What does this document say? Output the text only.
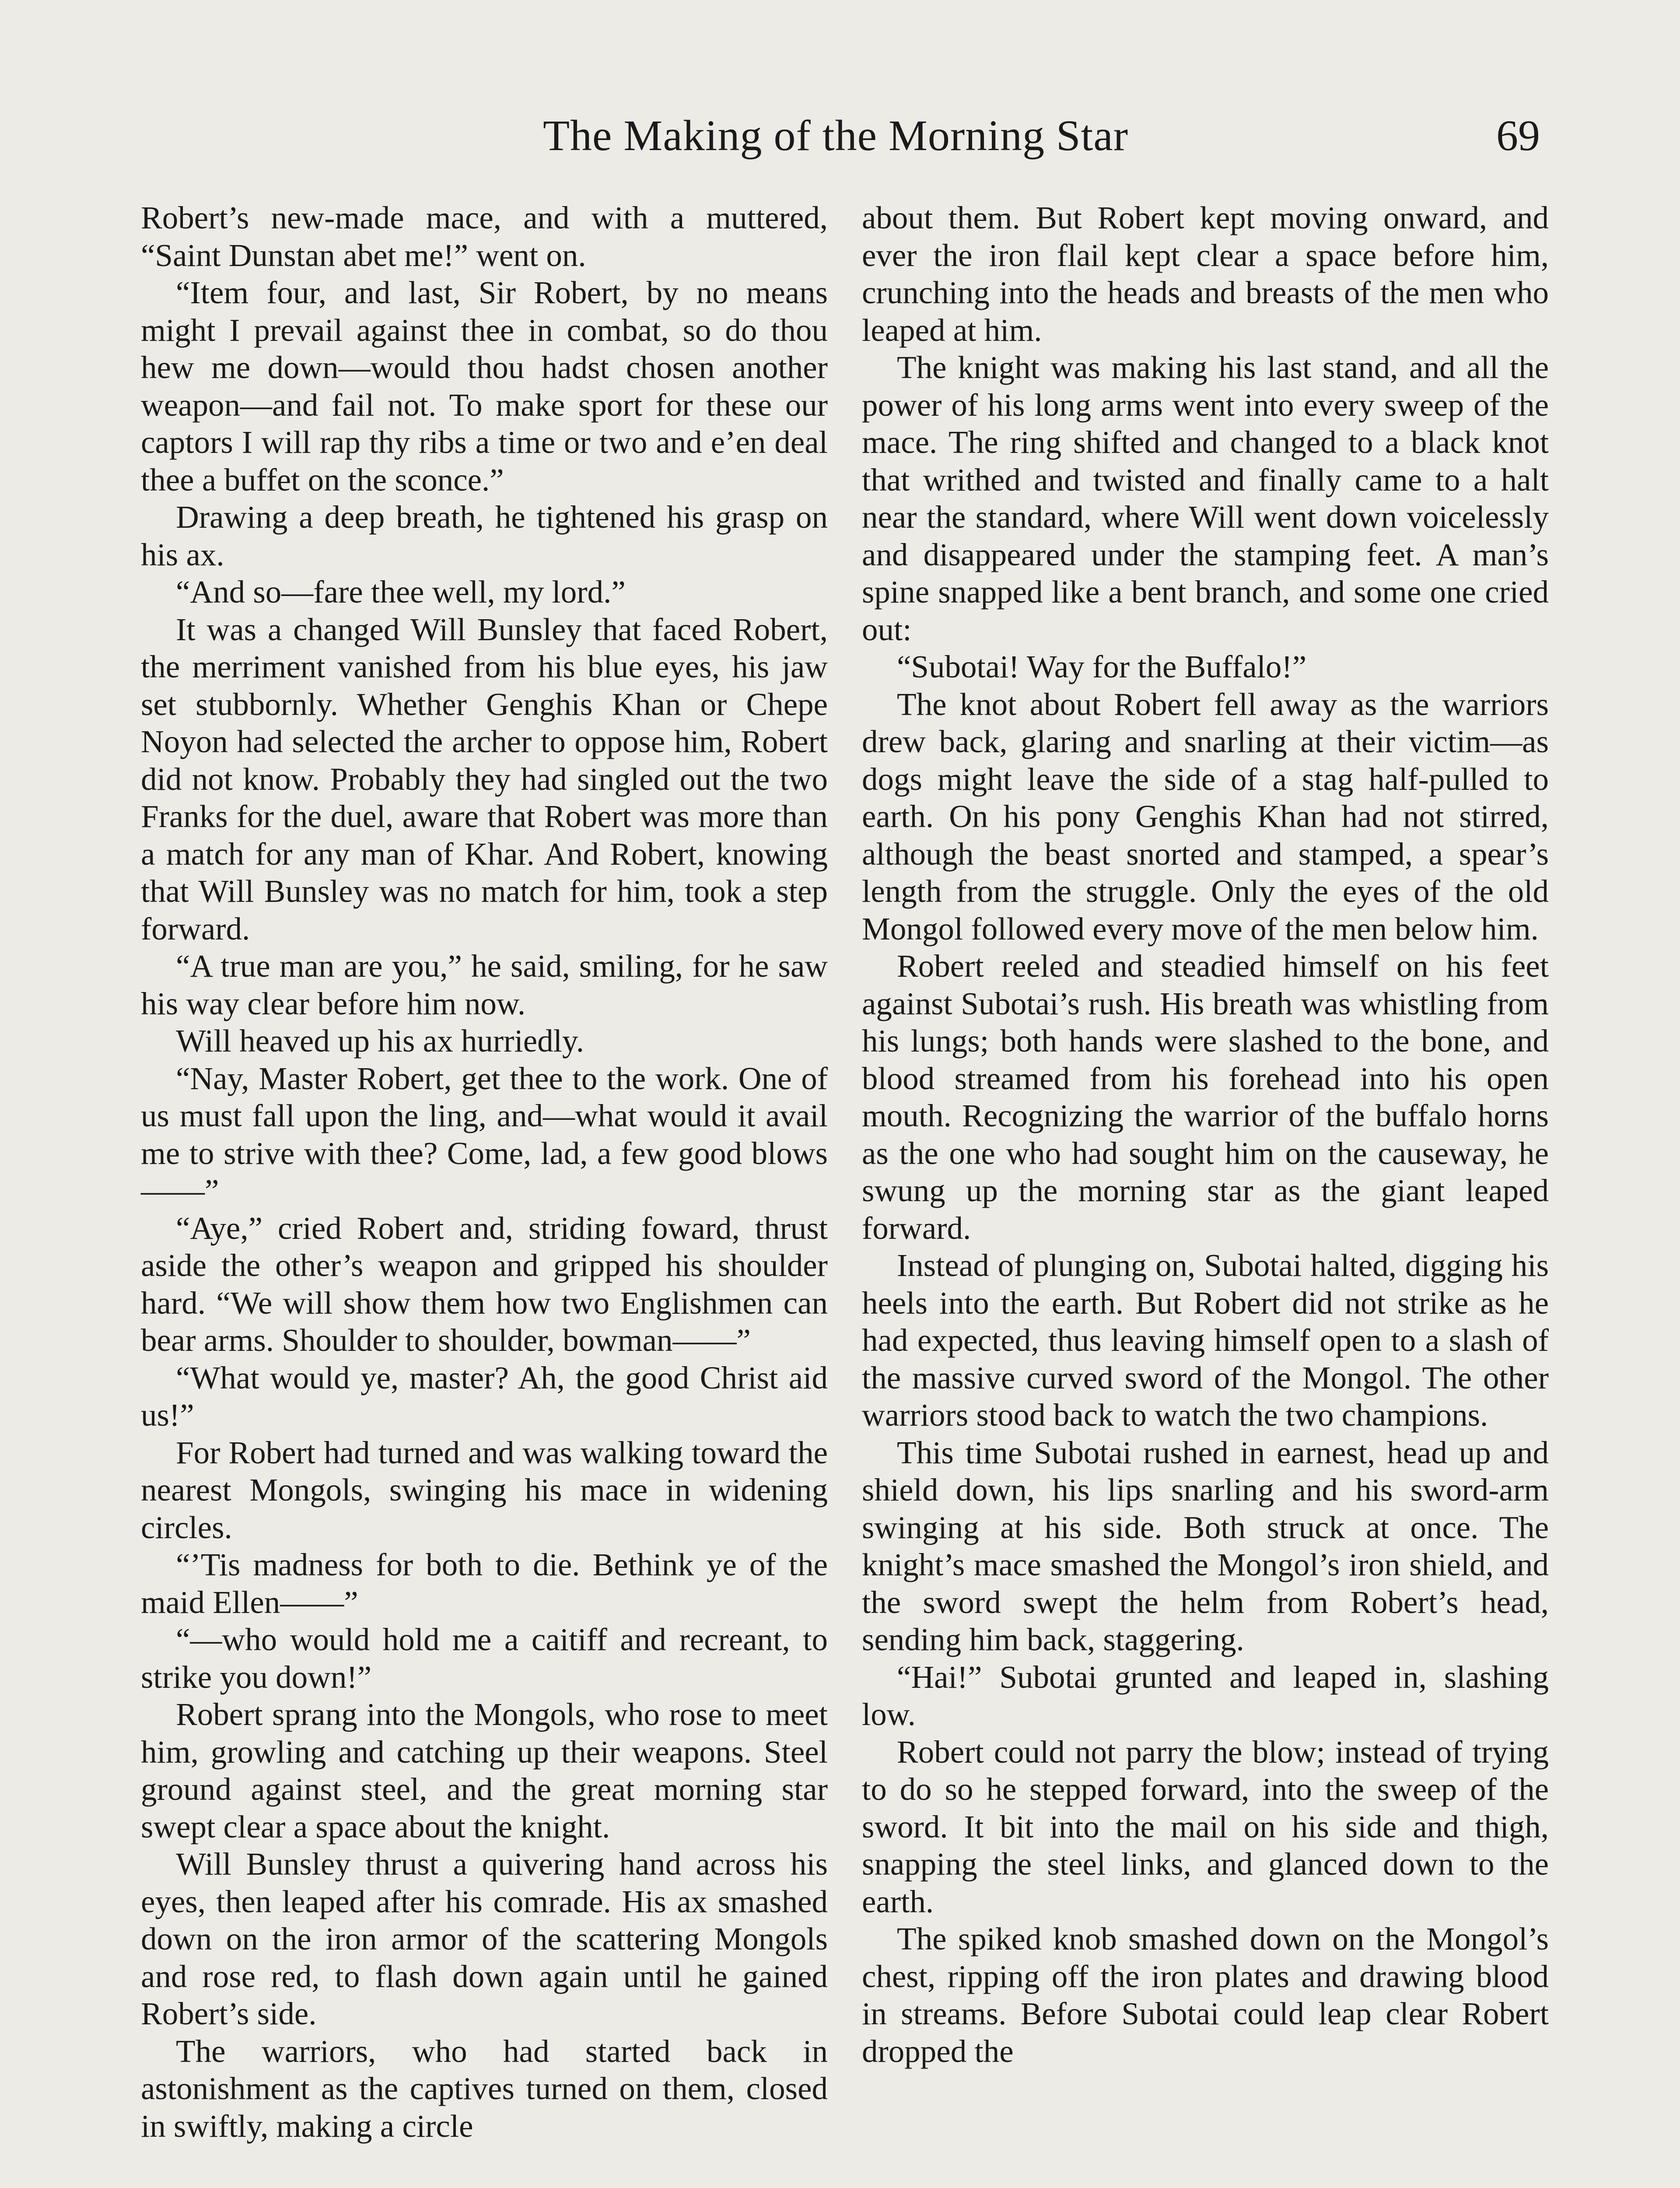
The Making of the Morning Star	69

Robert’s new-made mace, and with a muttered, “Saint Dunstan abet me!” went on.

“Item four, and last, Sir Robert, by no means might I prevail against thee in combat, so do thou hew me down—would thou hadst chosen another weapon—and fail not. To make sport for these our captors I will rap thy ribs a time or two and e’en deal thee a buffet on the sconce.”

Drawing a deep breath, he tightened his grasp on his ax.

“And so—fare thee well, my lord.”

It was a changed Will Bunsley that faced Robert, the merriment vanished from his blue eyes, his jaw set stubbornly. Whether Genghis Khan or Chepe Noyon had selected the archer to oppose him, Robert did not know. Probably they had singled out the two Franks for the duel, aware that Robert was more than a match for any man of Khar. And Robert, knowing that Will Bunsley was no match for him, took a step forward.

“A true man are you,” he said, smiling, for he saw his way clear before him now.

Will heaved up his ax hurriedly.

“Nay, Master Robert, get thee to the work. One of us must fall upon the ling, and—what would it avail me to strive with thee? Come, lad, a few good blows——”

“Aye,” cried Robert and, striding foward, thrust aside the other’s weapon and gripped his shoulder hard. “We will show them how two Englishmen can bear arms. Shoulder to shoulder, bowman——”

“What would ye, master? Ah, the good Christ aid us!”

For Robert had turned and was walking toward the nearest Mongols, swinging his mace in widening circles.

“’Tis madness for both to die. Bethink ye of the maid Ellen——”

“—who would hold me a caitiff and recreant, to strike you down!”

Robert sprang into the Mongols, who rose to meet him, growling and catching up their weapons. Steel ground against steel, and the great morning star swept clear a space about the knight.

Will Bunsley thrust a quivering hand across his eyes, then leaped after his comrade. His ax smashed down on the iron armor of the scattering Mongols and rose red, to flash down again until he gained Robert’s side.

The warriors, who had started back in astonishment as the captives turned on them, closed in swiftly, making a circle

about them. But Robert kept moving onward, and ever the iron flail kept clear a space before him, crunching into the heads and breasts of the men who leaped at him.

The knight was making his last stand, and all the power of his long arms went into every sweep of the mace. The ring shifted and changed to a black knot that writhed and twisted and finally came to a halt near the standard, where Will went down voicelessly and disappeared under the stamping feet. A man’s spine snapped like a bent branch, and some one cried out:

“Subotai! Way for the Buffalo!”

The knot about Robert fell away as the warriors drew back, glaring and snarling at their victim—as dogs might leave the side of a stag half-pulled to earth. On his pony Genghis Khan had not stirred, although the beast snorted and stamped, a spear’s length from the struggle. Only the eyes of the old Mongol followed every move of the men below him.

Robert reeled and steadied himself on his feet against Subotai’s rush. His breath was whistling from his lungs; both hands were slashed to the bone, and blood streamed from his forehead into his open mouth. Recognizing the warrior of the buffalo horns as the one who had sought him on the causeway, he swung up the morning star as the giant leaped forward.

Instead of plunging on, Subotai halted, digging his heels into the earth. But Robert did not strike as he had expected, thus leaving himself open to a slash of the massive curved sword of the Mongol. The other warriors stood back to watch the two champions.

This time Subotai rushed in earnest, head up and shield down, his lips snarling and his sword-arm swinging at his side. Both struck at once. The knight’s mace smashed the Mongol’s iron shield, and the sword swept the helm from Robert’s head, sending him back, staggering.

“Hai!” Subotai grunted and leaped in, slashing low.

Robert could not parry the blow; instead of trying to do so he stepped forward, into the sweep of the sword. It bit into the mail on his side and thigh, snapping the steel links, and glanced down to the earth.

The spiked knob smashed down on the Mongol’s chest, ripping off the iron plates and drawing blood in streams. Before Subotai could leap clear Robert dropped the
